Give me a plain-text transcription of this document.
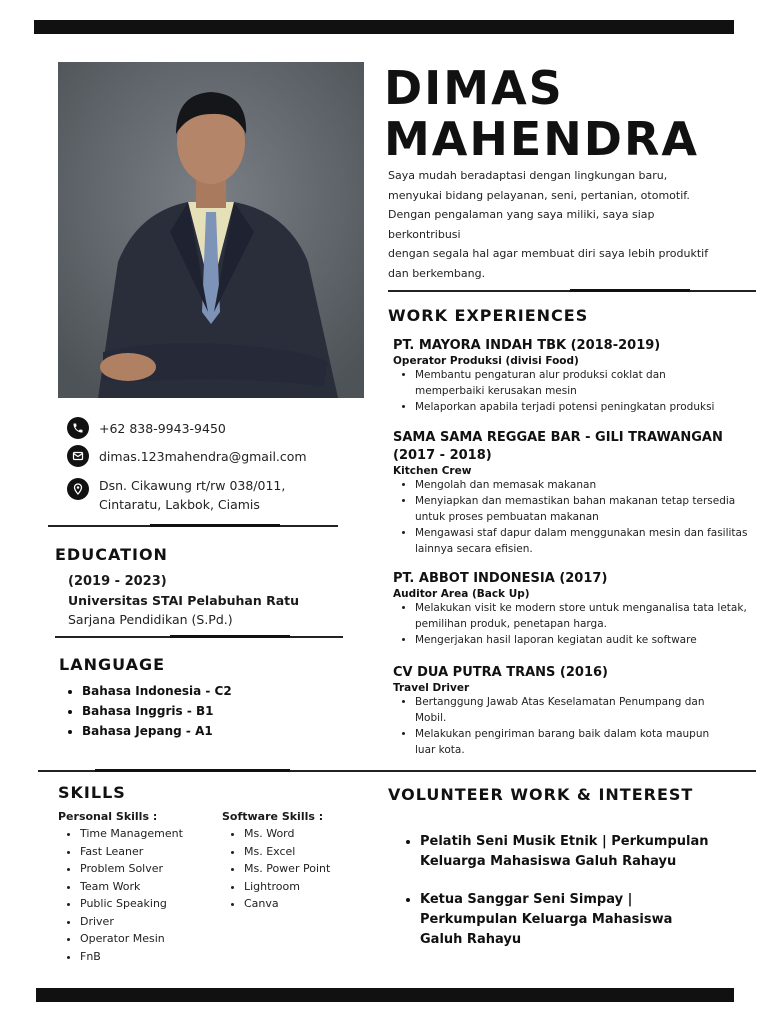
DIMAS
MAHENDRA
Saya mudah beradaptasi dengan lingkungan baru,
menyukai bidang pelayanan, seni, pertanian, otomotif.
Dengan pengalaman yang saya miliki, saya siap
berkontribusi
dengan segala hal agar membuat diri saya lebih produktif
dan berkembang.
WORK EXPERIENCES
PT. MAYORA INDAH TBK (2018-2019)
Operator Produksi (divisi Food)
• Membantu pengaturan alur produksi coklat dan memperbaiki kerusakan mesin
• Melaporkan apabila terjadi potensi peningkatan produksi
SAMA SAMA REGGAE BAR - GILI TRAWANGAN (2017 - 2018)
Kitchen Crew
• Mengolah dan memasak makanan
• Menyiapkan dan memastikan bahan makanan tetap tersedia untuk proses pembuatan makanan
• Mengawasi staf dapur dalam menggunakan mesin dan fasilitas lainnya secara efisien.
PT. ABBOT INDONESIA (2017)
Auditor Area (Back Up)
• Melakukan visit ke modern store untuk menganalisa tata letak, pemilihan produk, penetapan harga.
• Mengerjakan hasil laporan kegiatan audit ke software
CV DUA PUTRA TRANS (2016)
Travel Driver
• Bertanggung Jawab Atas Keselamatan Penumpang dan Mobil.
• Melakukan pengiriman barang baik dalam kota maupun luar kota.
+62 838-9943-9450
dimas.123mahendra@gmail.com
Dsn. Cikawung rt/rw 038/011,
Cintaratu, Lakbok, Ciamis
EDUCATION
(2019 - 2023)
Universitas STAI Pelabuhan Ratu
Sarjana Pendidikan (S.Pd.)
LANGUAGE
• Bahasa Indonesia - C2
• Bahasa Inggris - B1
• Bahasa Jepang - A1
SKILLS
Personal Skills :
• Time Management
• Fast Leaner
• Problem Solver
• Team Work
• Public Speaking
• Driver
• Operator Mesin
• FnB
Software Skills :
• Ms. Word
• Ms. Excel
• Ms. Power Point
• Lightroom
• Canva
VOLUNTEER WORK & INTEREST
• Pelatih Seni Musik Etnik | Perkumpulan Keluarga Mahasiswa Galuh Rahayu
• Ketua Sanggar Seni Simpay | Perkumpulan Keluarga Mahasiswa Galuh Rahayu
